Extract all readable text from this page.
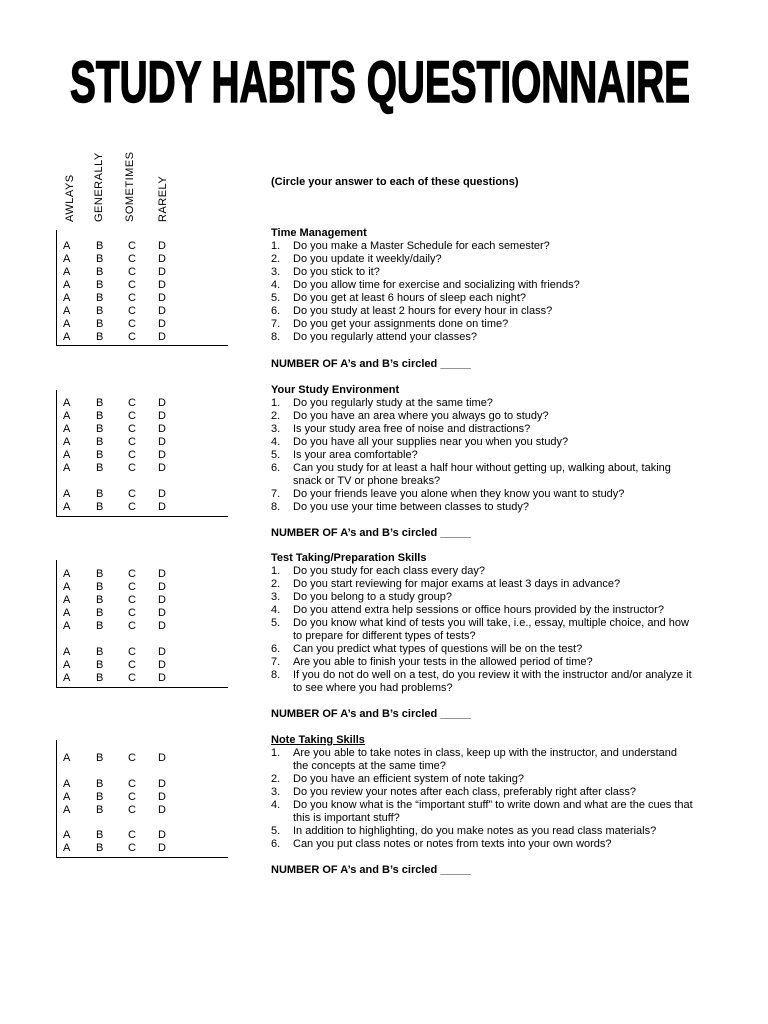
STUDY HABITS QUESTIONNAIRE
AWLAYS GENERALLY SOMETIMES RARELY	(Circle your answer to each of these questions)
Time Management
1.	Do you make a Master Schedule for each semester?
A B C D
2.	Do you update it weekly/daily?
A B C D
3.	Do you stick to it?
A B C D
4.	Do you allow time for exercise and socializing with friends?
A B C D
5.	Do you get at least 6 hours of sleep each night?
A B C D
6.	Do you study at least 2 hours for every hour in class?
A B C D
7.	Do you get your assignments done on time?
A B C D
8.	Do you regularly attend your classes?
A B C D
NUMBER OF A’s and B’s circled _____
Your Study Environment
1.	Do you regularly study at the same time?
A B C D
2.	Do you have an area where you always go to study?
A B C D
3.	Is your study area free of noise and distractions?
A B C D
4.	Do you have all your supplies near you when you study?
A B C D
5.	Is your area comfortable?
A B C D
6.	Can you study for at least a half hour without getting up, walking about, taking
snack or TV or phone breaks?
A B C D
7.	Do your friends leave you alone when they know you want to study?
A B C D
8.	Do you use your time between classes to study?
A B C D
NUMBER OF A’s and B’s circled _____
Test Taking/Preparation Skills
1.	Do you study for each class every day?
A B C D
2.	Do you start reviewing for major exams at least 3 days in advance?
A B C D
3.	Do you belong to a study group?
A B C D
4.	Do you attend extra help sessions or office hours provided by the instructor?
A B C D
5.	Do you know what kind of tests you will take, i.e., essay, multiple choice, and how
to prepare for different types of tests?
A B C D
6.	Can you predict what types of questions will be on the test?
A B C D
7.	Are you able to finish your tests in the allowed period of time?
A B C D
8.	If you do not do well on a test, do you review it with the instructor and/or analyze it
to see where you had problems?
A B C D
NUMBER OF A’s and B’s circled _____
Note Taking Skills
1.	Are you able to take notes in class, keep up with the instructor, and understand
the concepts at the same time?
A B C D
2.	Do you have an efficient system of note taking?
A B C D
3.	Do you review your notes after each class, preferably right after class?
A B C D
4.	Do you know what is the “important stuff” to write down and what are the cues that
this is important stuff?
A B C D
5.	In addition to highlighting, do you make notes as you read class materials?
A B C D
6.	Can you put class notes or notes from texts into your own words?
A B C D
NUMBER OF A’s and B’s circled _____
